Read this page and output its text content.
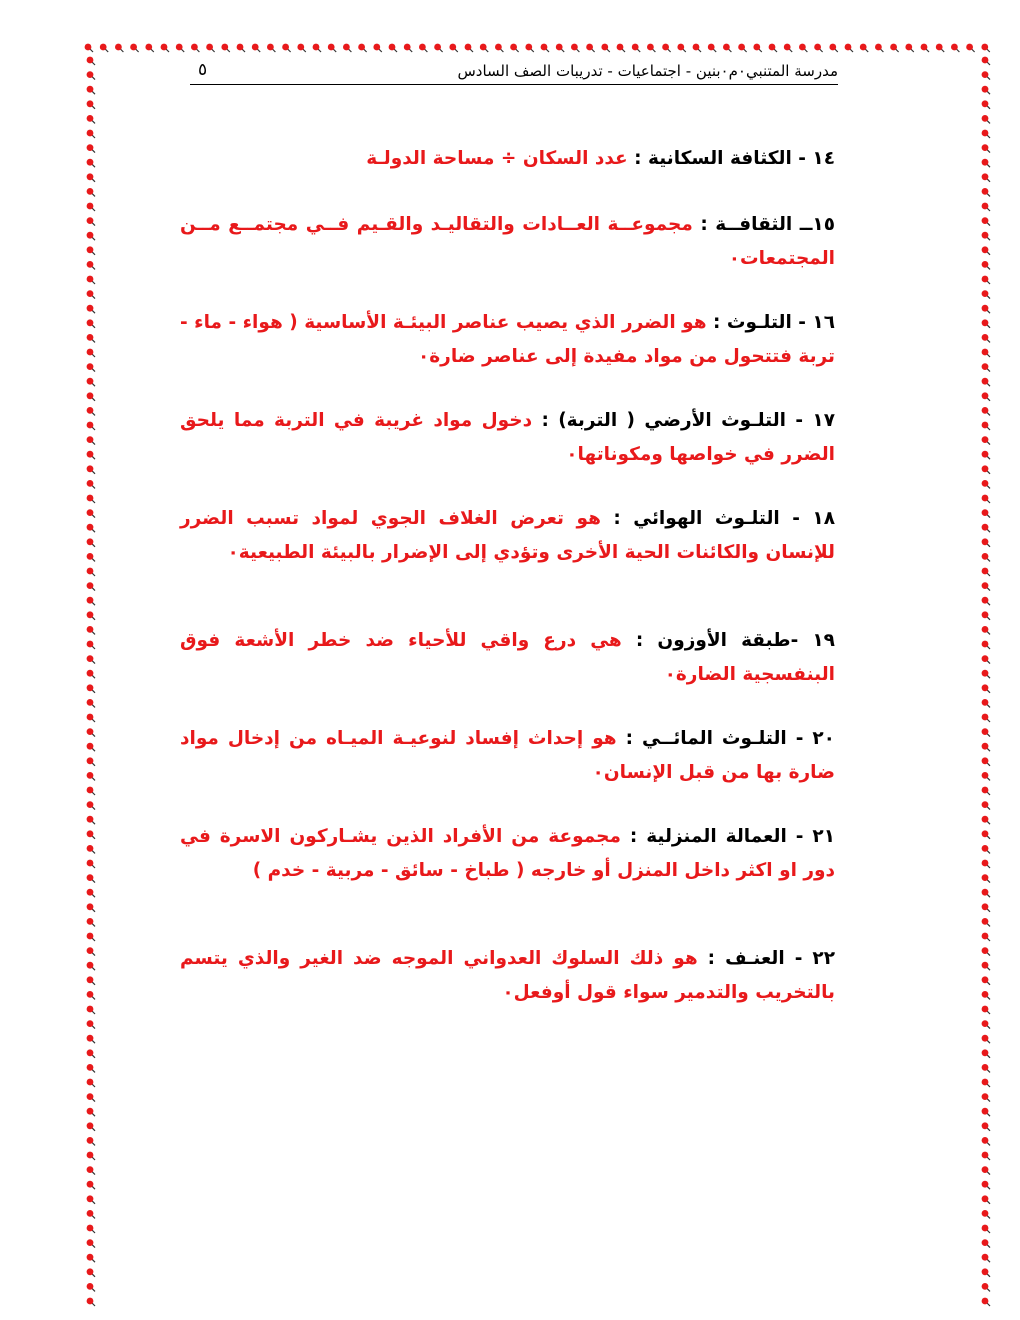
مدرسة المتنبي٠م٠بنين - اجتماعيات - تدريبات الصف السادس
٥

١٤ - الكثافة السكانية : عدد السكان ÷ مساحة الدولـة

١٥ــ الثقافــة : مجموعــة العــادات والتقاليـد والقـيم فــي مجتمــع مــن المجتمعات٠

١٦ - التلـوث : هو الضرر الذي يصيب عناصر البيئـة الأساسية ( هواء - ماء - تربة فتتحول من مواد مفيدة إلى عناصر ضارة٠

١٧ - التلـوث الأرضي ( التربة) : دخول مواد غريبة في التربة مما يلحق الضرر في خواصها ومكوناتها٠

١٨ - التلـوث الهوائي : هو تعرض الغلاف الجوي لمواد تسبب الضرر للإنسان والكائنات الحية الأخرى وتؤدي إلى الإضرار بالبيئة الطبيعية٠

١٩ -طبقة الأوزون : هي درع واقي للأحياء ضد خطر الأشعة فوق البنفسجية الضارة٠

٢٠ - التلـوث المائــي : هو إحداث إفساد لنوعيـة الميـاه من إدخال مواد ضارة بها من قبل الإنسان٠

٢١ - العمالة المنزلية : مجموعة من الأفراد الذين يشـاركون الاسرة في دور او اكثر داخل المنزل أو خارجه ( طباخ - سائق - مربية - خدم )

٢٢ - العنـف : هو ذلك السلوك العدواني الموجه ضد الغير والذي يتسم بالتخريب والتدمير سواء قول أوفعل٠
